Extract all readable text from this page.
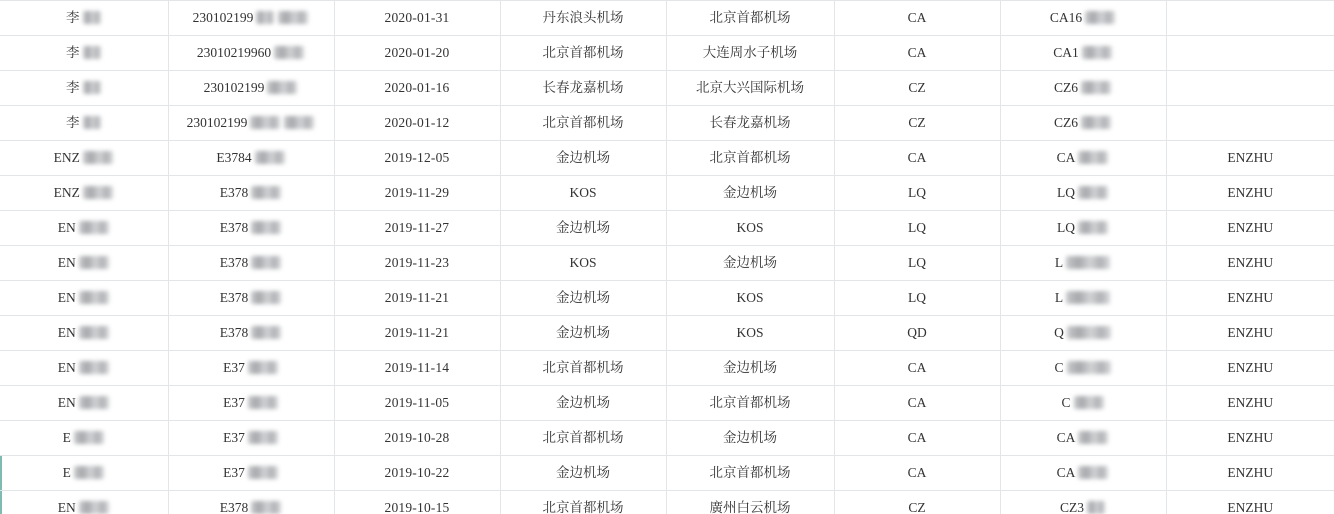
李	230102199	2020-01-31	丹东浪头机场	北京首都机场	CA	CA16	

李	23010219960	2020-01-20	北京首都机场	大连周水子机场	CA	CA1	

李	230102199	2020-01-16	长春龙嘉机场	北京大兴国际机场	CZ	CZ6	

李	230102199	2020-01-12	北京首都机场	长春龙嘉机场	CZ	CZ6	

ENZ	E3784	2019-12-05	金边机场	北京首都机场	CA	CA	ENZHU

ENZ	E378	2019-11-29	KOS	金边机场	LQ	LQ	ENZHU

EN	E378	2019-11-27	金边机场	KOS	LQ	LQ	ENZHU

EN	E378	2019-11-23	KOS	金边机场	LQ	L	ENZHU

EN	E378	2019-11-21	金边机场	KOS	LQ	L	ENZHU

EN	E378	2019-11-21	金边机场	KOS	QD	Q	ENZHU

EN	E37	2019-11-14	北京首都机场	金边机场	CA	C	ENZHU

EN	E37	2019-11-05	金边机场	北京首都机场	CA	C	ENZHU

E	E37	2019-10-28	北京首都机场	金边机场	CA	CA	ENZHU

E	E37	2019-10-22	金边机场	北京首都机场	CA	CA	ENZHU

EN	E378	2019-10-15	北京首都机场	廣州白云机场	CZ	CZ3	ENZHU
